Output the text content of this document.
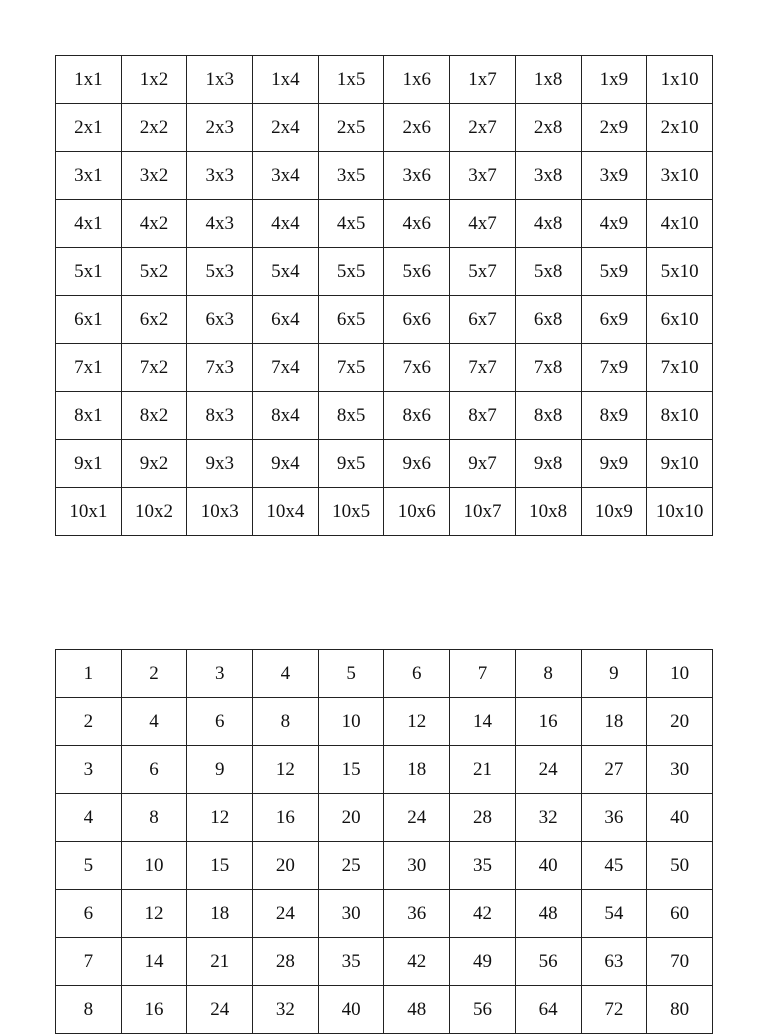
1x1	1x2	1x3	1x4	1x5	1x6	1x7	1x8	1x9	1x10
2x1	2x2	2x3	2x4	2x5	2x6	2x7	2x8	2x9	2x10
3x1	3x2	3x3	3x4	3x5	3x6	3x7	3x8	3x9	3x10
4x1	4x2	4x3	4x4	4x5	4x6	4x7	4x8	4x9	4x10
5x1	5x2	5x3	5x4	5x5	5x6	5x7	5x8	5x9	5x10
6x1	6x2	6x3	6x4	6x5	6x6	6x7	6x8	6x9	6x10
7x1	7x2	7x3	7x4	7x5	7x6	7x7	7x8	7x9	7x10
8x1	8x2	8x3	8x4	8x5	8x6	8x7	8x8	8x9	8x10
9x1	9x2	9x3	9x4	9x5	9x6	9x7	9x8	9x9	9x10
10x1	10x2	10x3	10x4	10x5	10x6	10x7	10x8	10x9	10x10
1	2	3	4	5	6	7	8	9	10
2	4	6	8	10	12	14	16	18	20
3	6	9	12	15	18	21	24	27	30
4	8	12	16	20	24	28	32	36	40
5	10	15	20	25	30	35	40	45	50
6	12	18	24	30	36	42	48	54	60
7	14	21	28	35	42	49	56	63	70
8	16	24	32	40	48	56	64	72	80
